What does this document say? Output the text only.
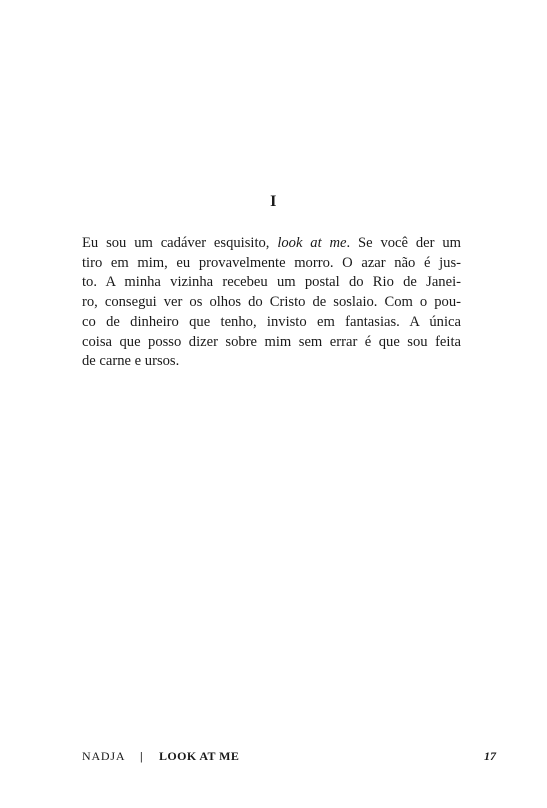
I

Eu sou um cadáver esquisito, look at me. Se você der um
tiro em mim, eu provavelmente morro. O azar não é jus-
to. A minha vizinha recebeu um postal do Rio de Janei-
ro, consegui ver os olhos do Cristo de soslaio. Com o pou-
co de dinheiro que tenho, invisto em fantasias. A única
coisa que posso dizer sobre mim sem errar é que sou feita
de carne e ursos.

NADJA | LOOK AT ME	17
